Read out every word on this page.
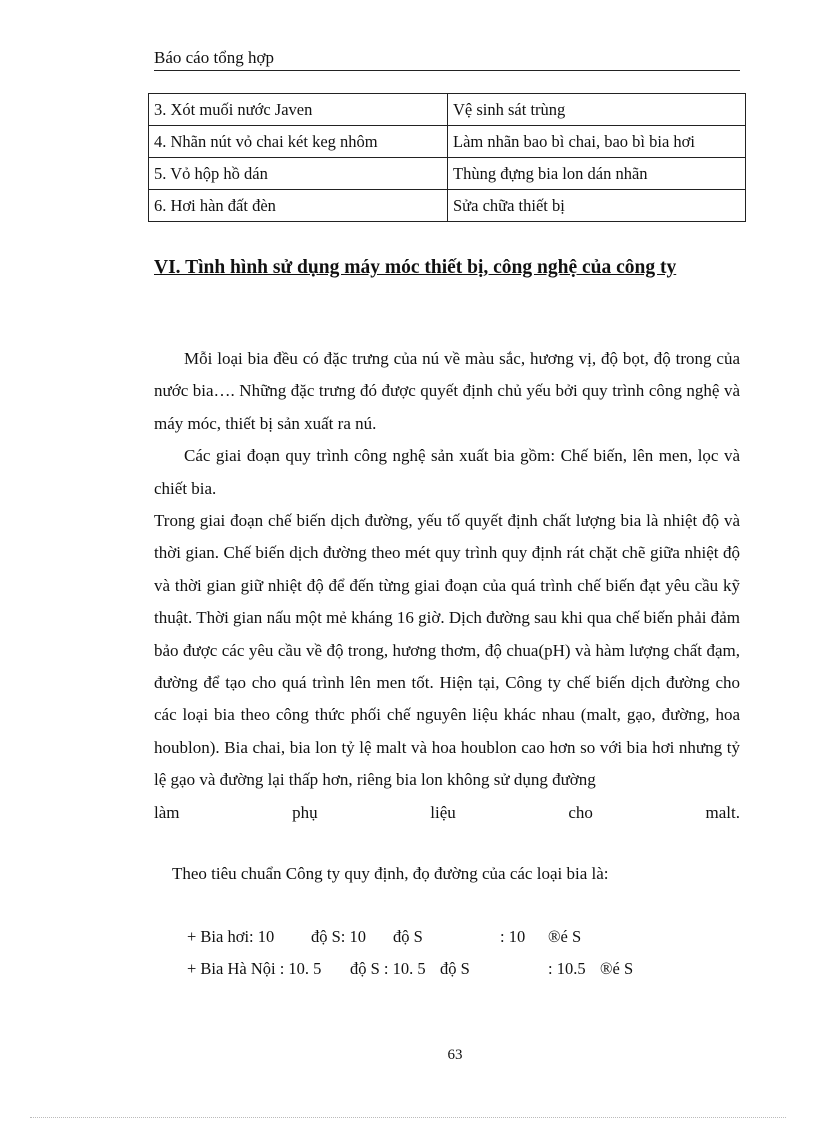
Báo cáo tổng hợp
3. Xót muối nước Javen	Vệ sinh sát trùng
4. Nhãn nút vỏ chai két keg nhôm	Làm nhãn bao bì chai, bao bì bia hơi
5. Vỏ hộp hồ dán	Thùng đựng bia lon dán nhãn
6. Hơi hàn đất đèn	Sửa chữa thiết bị
VI. Tình hình sử dụng máy móc thiết bị, công nghệ của công ty

Mỗi loại bia đều có đặc trưng của nú về màu sắc, hương vị, độ bọt, độ trong của nước bia…. Những đặc trưng đó được quyết định chủ yếu bởi quy trình công nghệ và máy móc, thiết bị sản xuất ra nú.

Các giai đoạn quy trình công nghệ sản xuất bia gồm: Chế biến, lên men, lọc và chiết bia.

Trong giai đoạn chế biến dịch đường, yếu tố quyết định chất lượng bia là nhiệt độ và thời gian. Chế biến dịch đường theo mét quy trình quy định rát chặt chẽ giữa nhiệt độ và thời gian giữ nhiệt độ để đến từng giai đoạn của quá trình chế biến đạt yêu cầu kỹ thuật. Thời gian nấu một mẻ kháng 16 giờ. Dịch đường sau khi qua chế biến phải đảm bảo được các yêu cầu về độ trong, hương thơm, độ chua(pH) và hàm lượng chất đạm, đường để tạo cho quá trình lên men tốt. Hiện tại, Công ty chế biến dịch đường cho các loại bia theo công thức phối chế nguyên liệu khác nhau (malt, gạo, đường, hoa houblon). Bia chai, bia lon tỷ lệ malt và hoa houblon cao hơn so với bia hơi nhưng tỷ lệ gạo và đường lại thấp hơn, riêng bia lon không sử dụng đường

làm phụ liệu cho malt.

Theo tiêu chuẩn Công ty quy định, đọ đường của các loại bia là:
+ Bia hơi: 10 độ S: 10 độ S	: 10 ®é S
+ Bia Hà Nội : 10. 5 độ S : 10. 5 độ S	: 10.5 ®é S
63
